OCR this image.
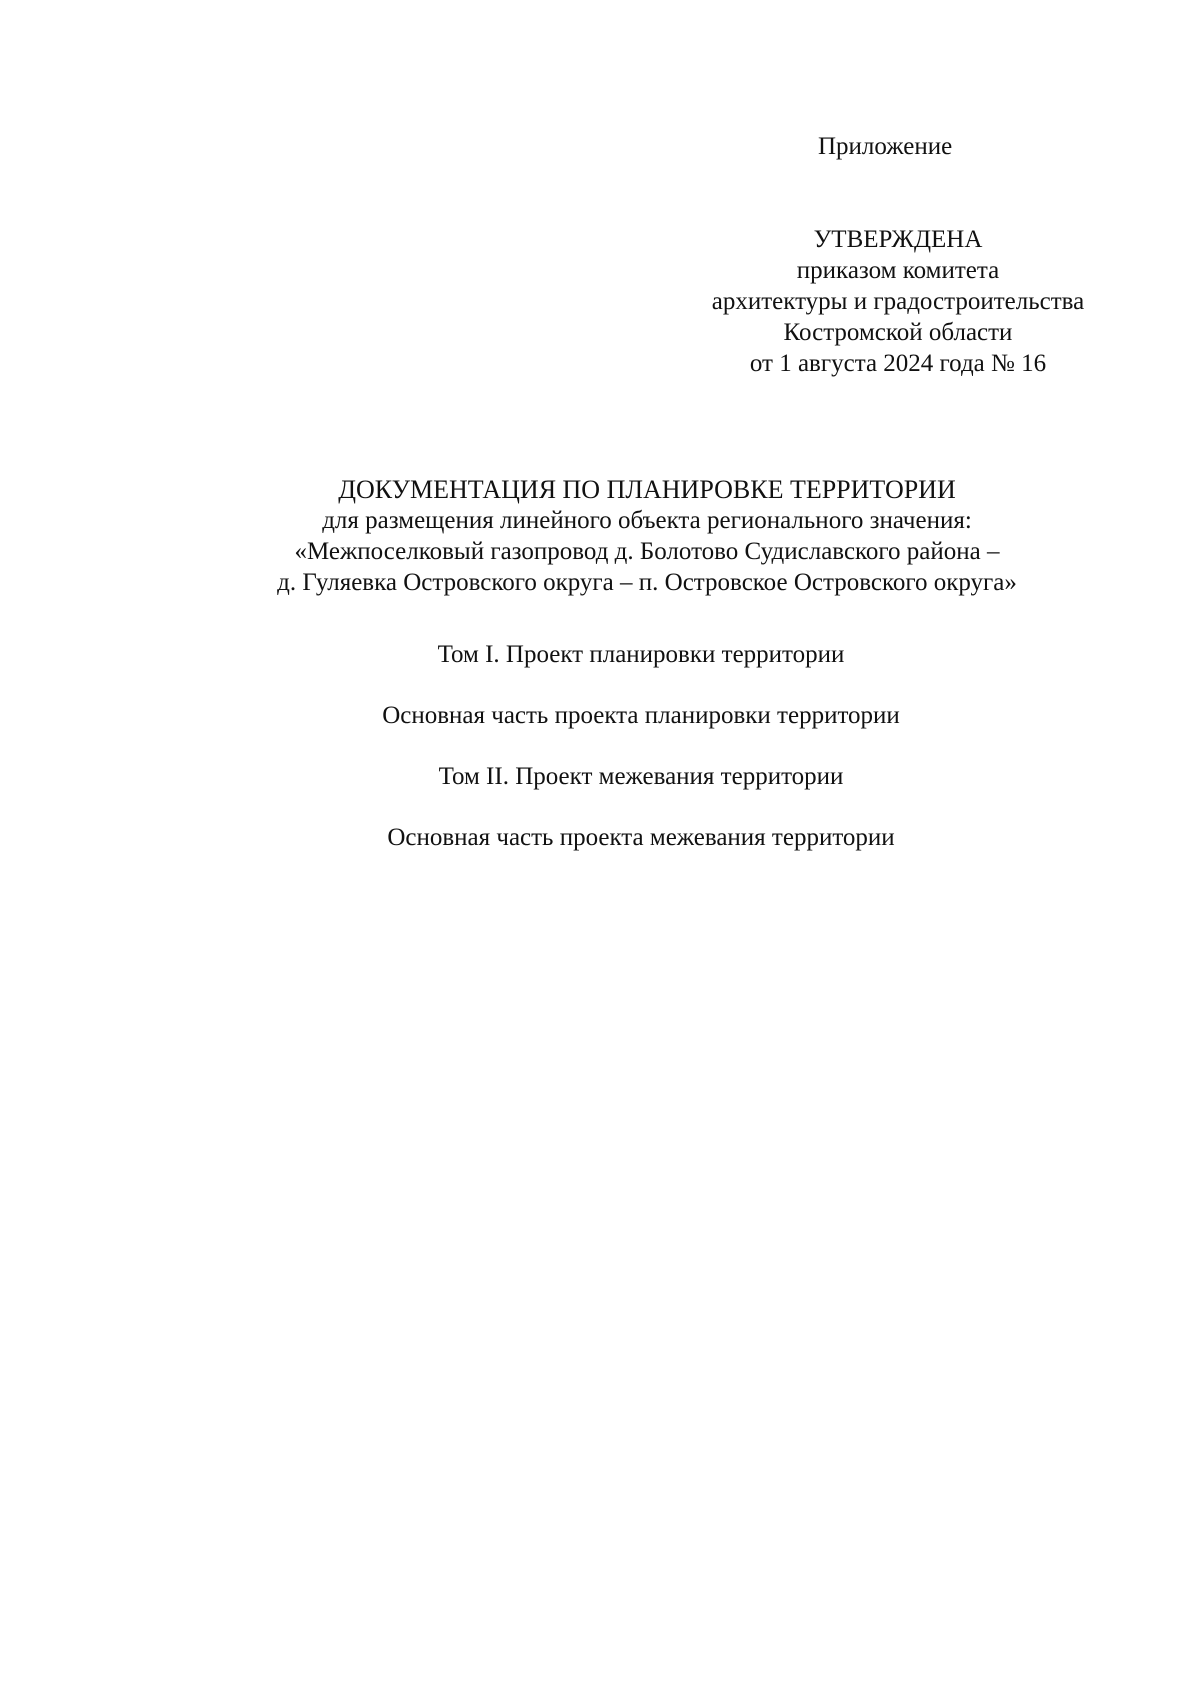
Приложение
УТВЕРЖДЕНА
приказом комитета
архитектуры и градостроительства
Костромской области
от 1 августа 2024 года № 16
ДОКУМЕНТАЦИЯ ПО ПЛАНИРОВКЕ ТЕРРИТОРИИ
для размещения линейного объекта регионального значения:
«Межпоселковый газопровод д. Болотово Судиславского района –
д. Гуляевка Островского округа – п. Островское Островского округа»
Том I. Проект планировки территории
Основная часть проекта планировки территории
Том II. Проект межевания территории
Основная часть проекта межевания территории
